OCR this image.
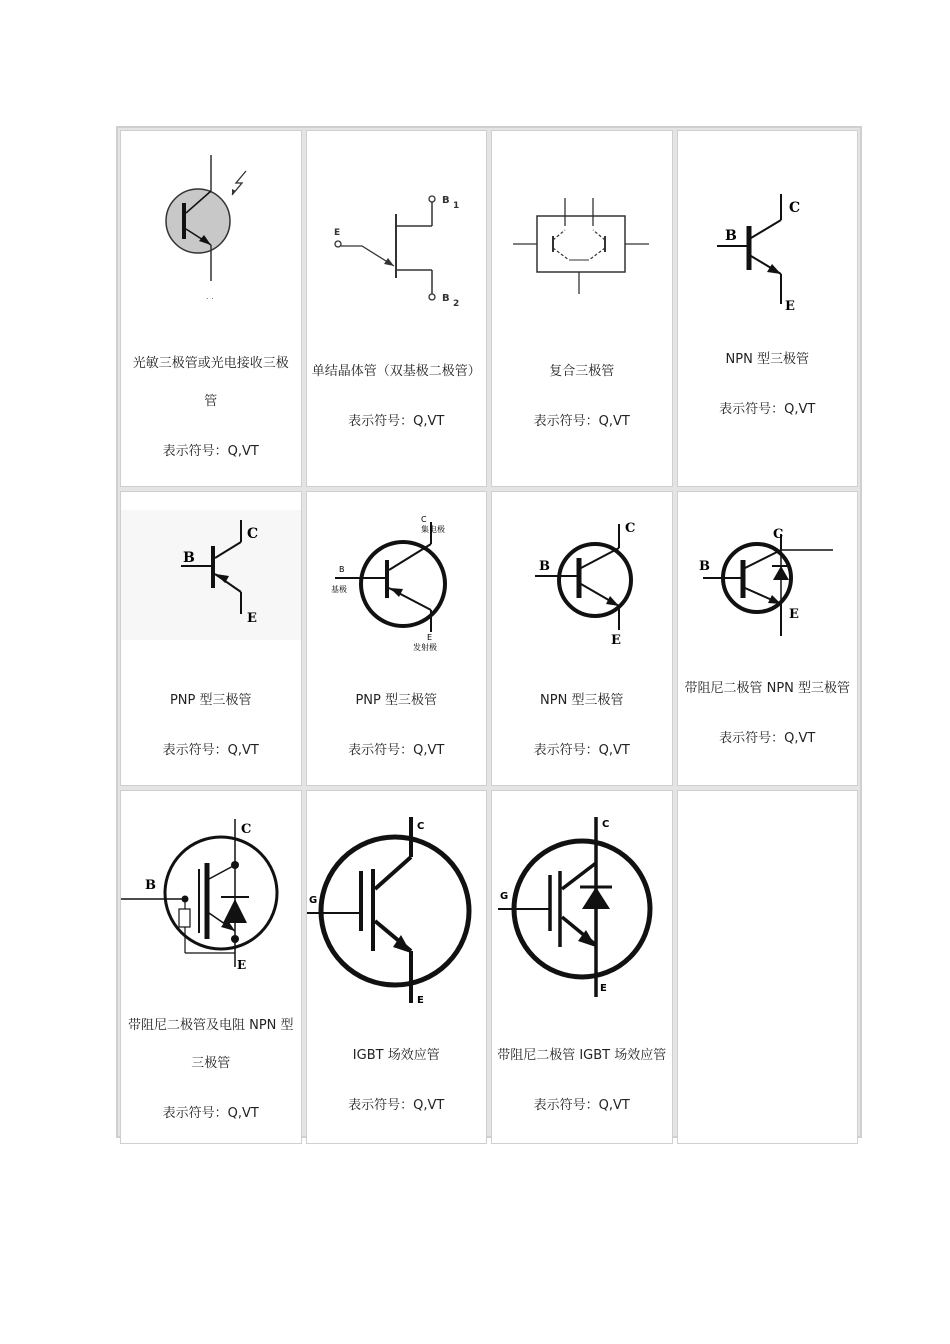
. .
光敏三极管或光电接收三极
管
表示符号：Q,VT
E
B 1
B 2
单结晶体管（双基极二极管）
表示符号：Q,VT
复合三极管
表示符号：Q,VT
C
B
E
NPN 型三极管
表示符号：Q,VT
C
B
E
PNP 型三极管
表示符号：Q,VT
C
集电极
B
基极
E
发射极
PNP 型三极管
表示符号：Q,VT
C
B
E
NPN 型三极管
表示符号：Q,VT
C
B
E
带阻尼二极管 NPN 型三极管
表示符号：Q,VT
C
B
E
带阻尼二极管及电阻 NPN 型
三极管
表示符号：Q,VT
C
G
E
IGBT 场效应管
表示符号：Q,VT
C
G
E
带阻尼二极管 IGBT 场效应管
表示符号：Q,VT
